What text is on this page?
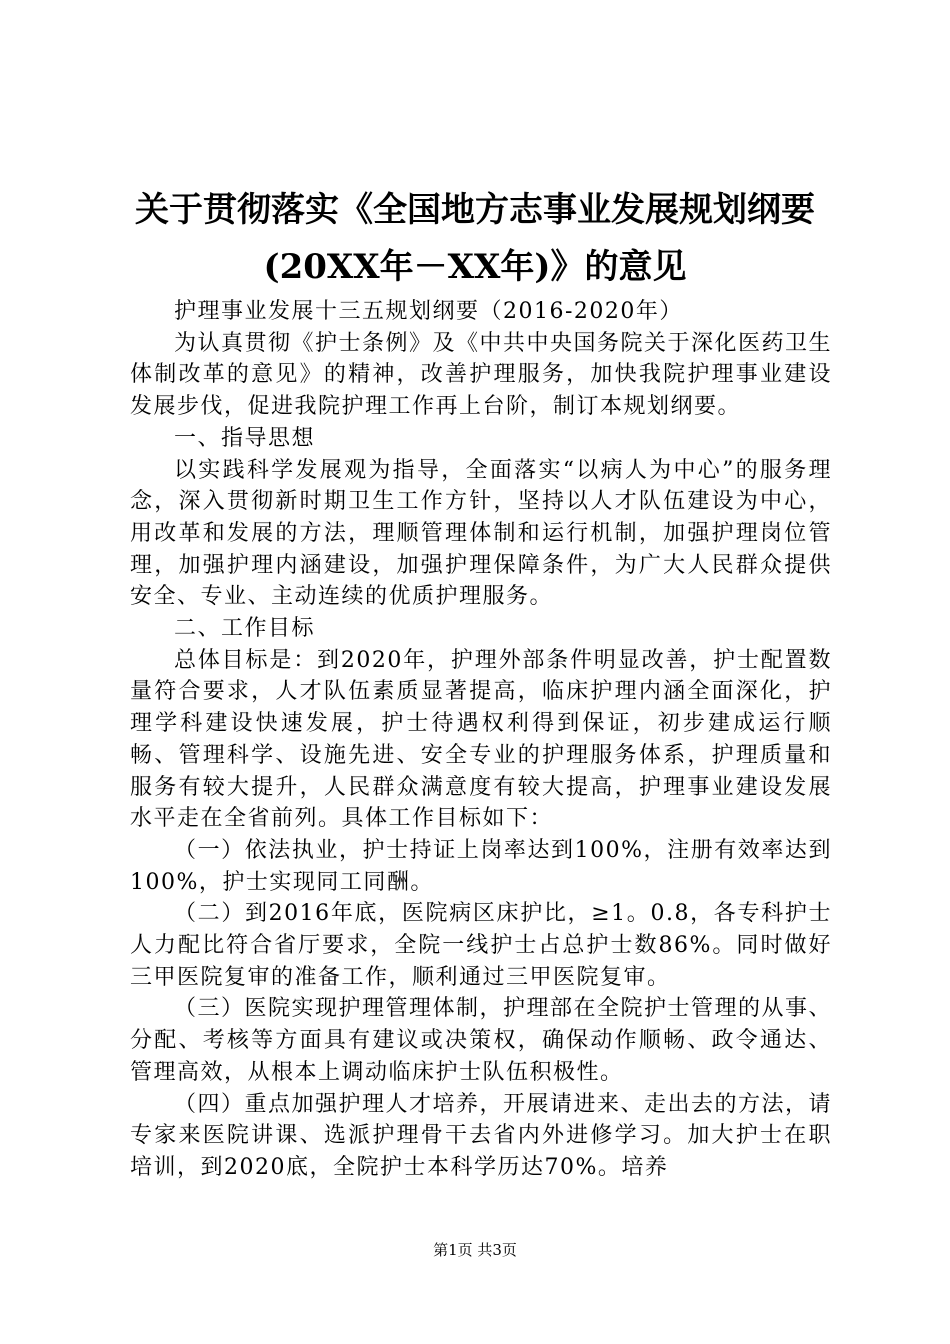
关于贯彻落实《全国地方志事业发展规划纲要
(20XX年－XX年)》的意见

护理事业发展十三五规划纲要（2016-2020年）

为认真贯彻《护士条例》及《中共中央国务院关于深化医药卫生体制改革的意见》的精神，改善护理服务，加快我院护理事业建设发展步伐，促进我院护理工作再上台阶，制订本规划纲要。

一、指导思想

以实践科学发展观为指导，全面落实“以病人为中心”的服务理念，深入贯彻新时期卫生工作方针，坚持以人才队伍建设为中心，用改革和发展的方法，理顺管理体制和运行机制，加强护理岗位管理，加强护理内涵建设，加强护理保障条件，为广大人民群众提供安全、专业、主动连续的优质护理服务。

二、工作目标

总体目标是：到2020年，护理外部条件明显改善，护士配置数量符合要求，人才队伍素质显著提高，临床护理内涵全面深化，护理学科建设快速发展，护士待遇权利得到保证，初步建成运行顺畅、管理科学、设施先进、安全专业的护理服务体系，护理质量和服务有较大提升，人民群众满意度有较大提高，护理事业建设发展水平走在全省前列。具体工作目标如下：

（一）依法执业，护士持证上岗率达到100%，注册有效率达到100%，护士实现同工同酬。

（二）到2016年底，医院病区床护比，≥1。0.8，各专科护士人力配比符合省厅要求，全院一线护士占总护士数86%。同时做好三甲医院复审的准备工作，顺利通过三甲医院复审。

（三）医院实现护理管理体制，护理部在全院护士管理的从事、分配、考核等方面具有建议或决策权，确保动作顺畅、政令通达、管理高效，从根本上调动临床护士队伍积极性。

（四）重点加强护理人才培养，开展请进来、走出去的方法，请专家来医院讲课、选派护理骨干去省内外进修学习。加大护士在职培训，到2020底，全院护士本科学历达70%。培养

第1页 共3页
